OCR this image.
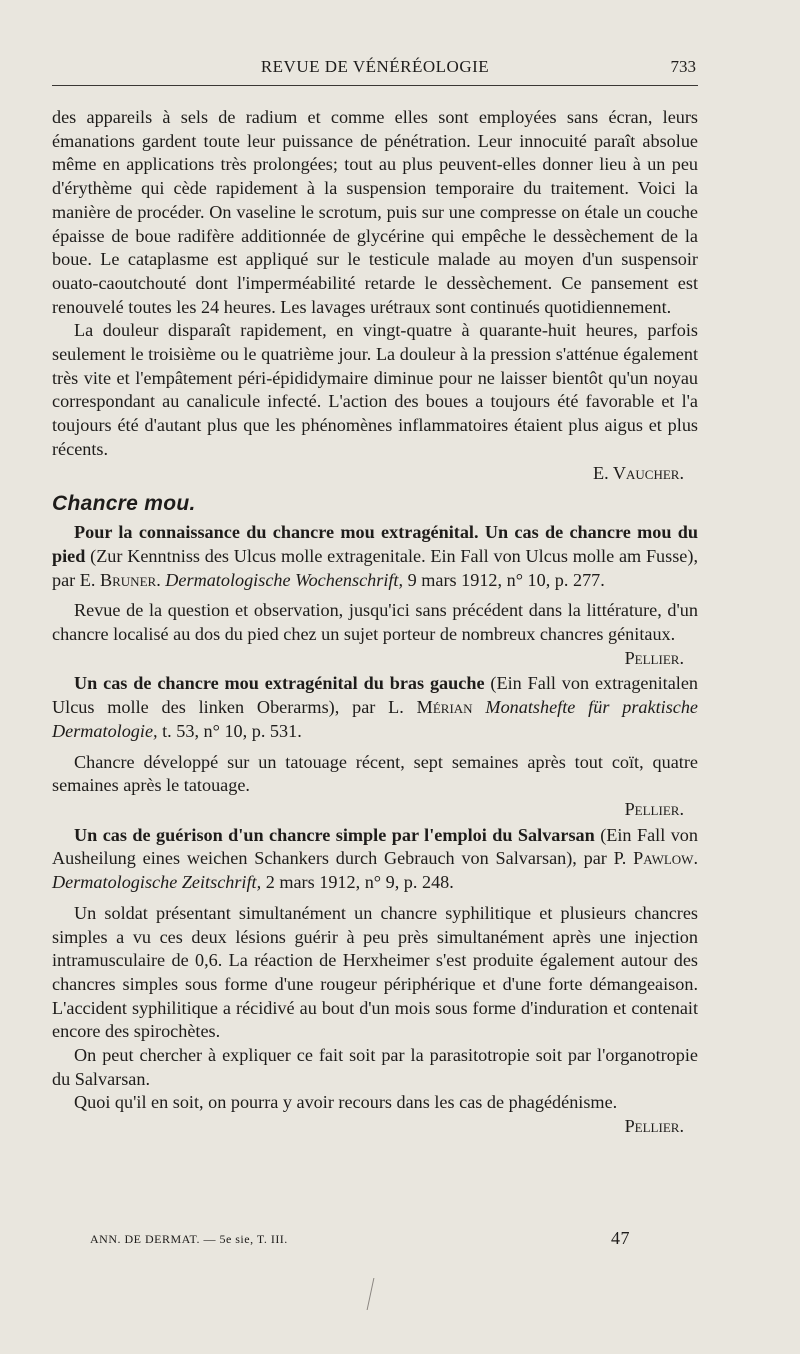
REVUE DE VÉNÉRÉOLOGIE	733

des appareils à sels de radium et comme elles sont employées sans écran, leurs émanations gardent toute leur puissance de pénétration. Leur innocuité paraît absolue même en applications très prolongées; tout au plus peuvent-elles donner lieu à un peu d'érythème qui cède rapidement à la suspension temporaire du traitement. Voici la manière de procéder. On vaseline le scrotum, puis sur une compresse on étale un couche épaisse de boue radifère additionnée de glycérine qui empêche le dessèchement de la boue. Le cataplasme est appliqué sur le testicule malade au moyen d'un suspensoir ouato-caoutchouté dont l'imperméabilité retarde le dessèchement. Ce pansement est renouvelé toutes les 24 heures. Les lavages urétraux sont continués quotidiennement.

La douleur disparaît rapidement, en vingt-quatre à quarante-huit heures, parfois seulement le troisième ou le quatrième jour. La douleur à la pression s'atténue également très vite et l'empâtement péri-épididymaire diminue pour ne laisser bientôt qu'un noyau correspondant au canalicule infecté. L'action des boues a toujours été favorable et l'a toujours été d'autant plus que les phénomènes inflammatoires étaient plus aigus et plus récents.

E. Vaucher.

Chancre mou.

Pour la connaissance du chancre mou extragénital. Un cas de chancre mou du pied (Zur Kenntniss des Ulcus molle extragenitale. Ein Fall von Ulcus molle am Fusse), par E. Bruner. Dermatologische Wochenschrift, 9 mars 1912, n° 10, p. 277.

Revue de la question et observation, jusqu'ici sans précédent dans la littérature, d'un chancre localisé au dos du pied chez un sujet porteur de nombreux chancres génitaux.

Pellier.

Un cas de chancre mou extragénital du bras gauche (Ein Fall von extragenitalen Ulcus molle des linken Oberarms), par L. Mérian Monatshefte für praktische Dermatologie, t. 53, n° 10, p. 531.

Chancre développé sur un tatouage récent, sept semaines après tout coït, quatre semaines après le tatouage.

Pellier.

Un cas de guérison d'un chancre simple par l'emploi du Salvarsan (Ein Fall von Ausheilung eines weichen Schankers durch Gebrauch von Salvarsan), par P. Pawlow. Dermatologische Zeitschrift, 2 mars 1912, n° 9, p. 248.

Un soldat présentant simultanément un chancre syphilitique et plusieurs chancres simples a vu ces deux lésions guérir à peu près simultanément après une injection intramusculaire de 0,6. La réaction de Herxheimer s'est produite également autour des chancres simples sous forme d'une rougeur périphérique et d'une forte démangeaison. L'accident syphilitique a récidivé au bout d'un mois sous forme d'induration et contenait encore des spirochètes.

On peut chercher à expliquer ce fait soit par la parasitotropie soit par l'organotropie du Salvarsan.

Quoi qu'il en soit, on pourra y avoir recours dans les cas de phagédénisme.

Pellier.

ANN. DE DERMAT. — 5e sie, T. III.	47
